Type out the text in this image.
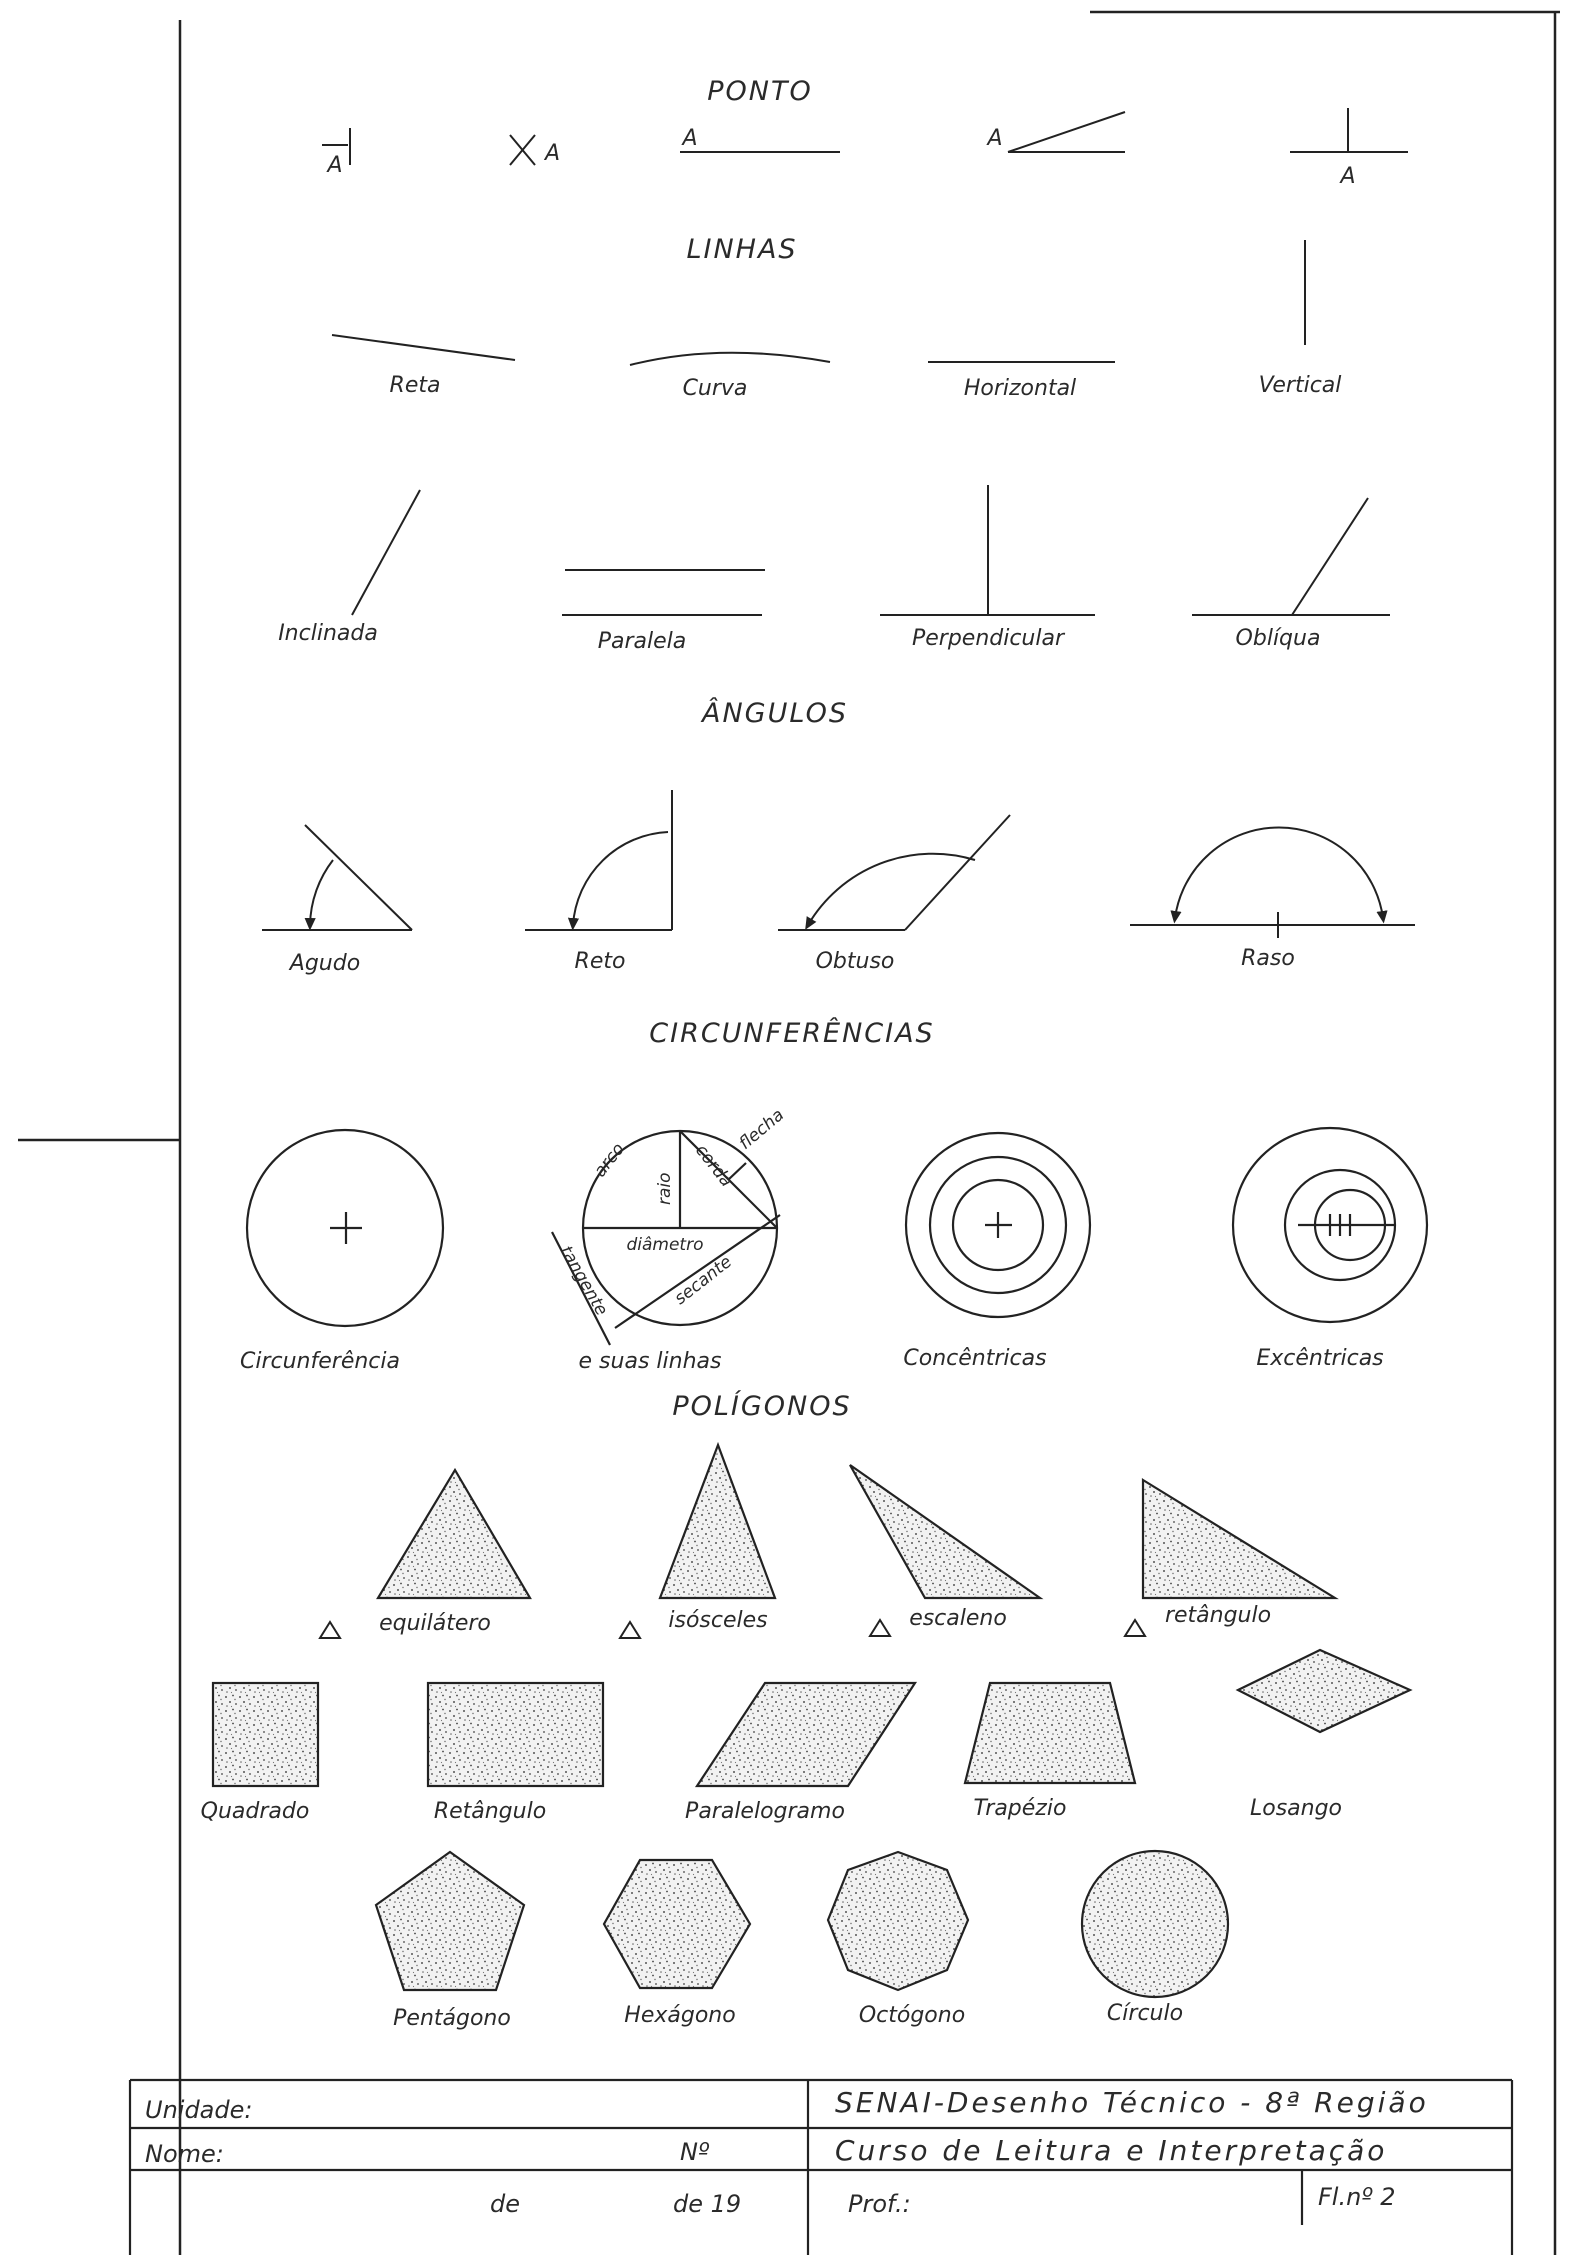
PONTO
A	A
A	A
A
LINHAS
Reta	Curva	Horizontal	Vertical
Inclinada	Paralela	Perpendicular	Oblíqua
ÂNGULOS
Agudo	Reto	Obtuso	Raso
CIRCUNFERÊNCIAS
arco
raio corda
flecha
diâmetro
tangente	secante
Circunferência	e suas linhas	Concêntricas	Excêntricas
POLÍGONOS
equilátero	isósceles	escaleno	retângulo
Quadrado	Retângulo	Paralelogramo	Trapézio	Losango
Pentágono	Hexágono	Octógono	Círculo
Unidade:
Nome:	Nº
de	de 19
SENAI-Desenho Técnico - 8ª Região
Curso de Leitura e Interpretação
Prof.:	Fl.nº 2
